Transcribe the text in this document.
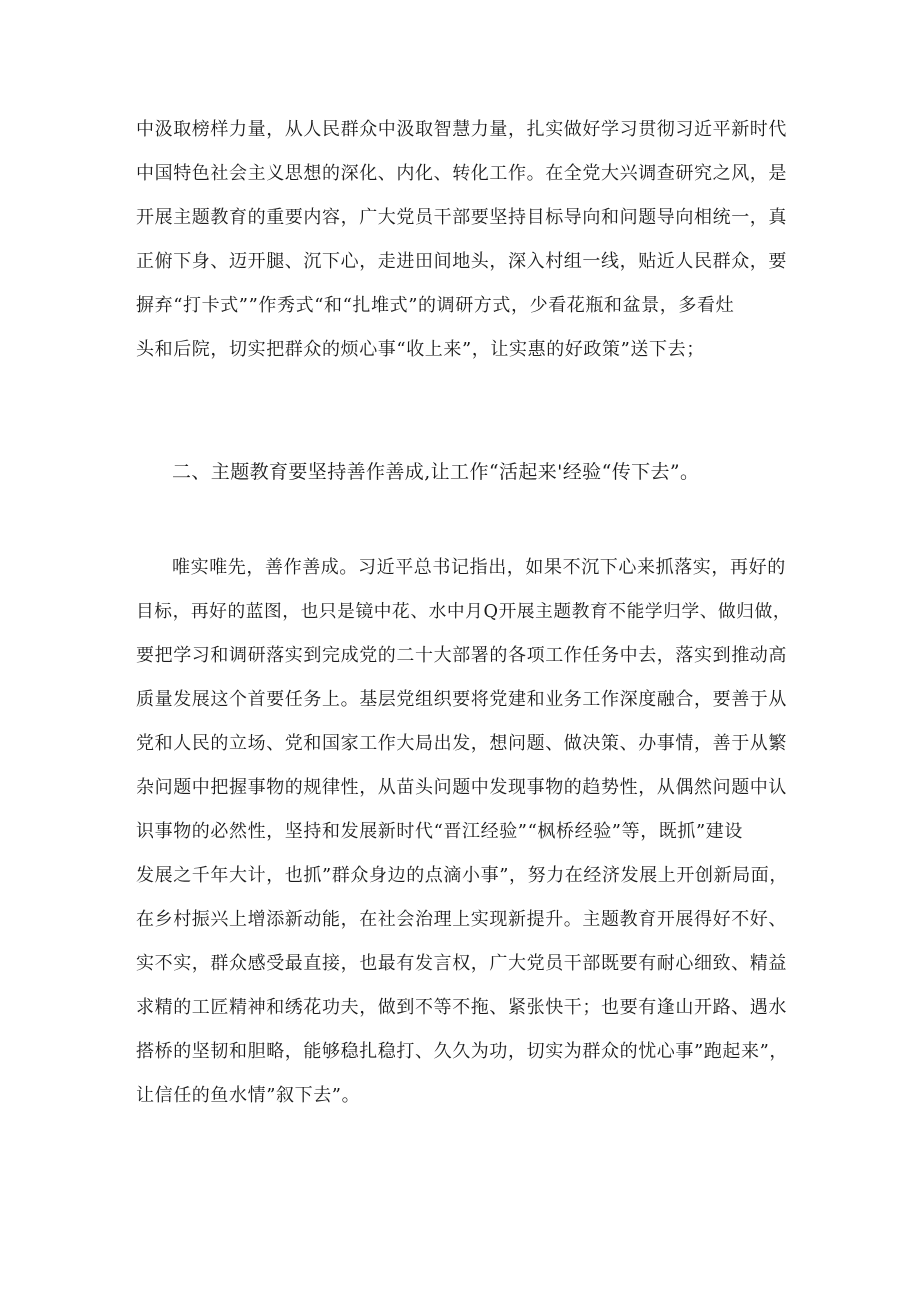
中汲取榜样力量，从人民群众中汲取智慧力量，扎实做好学习贯彻习近平新时代

中国特色社会主义思想的深化、内化、转化工作。在全党大兴调查研究之风，是

开展主题教育的重要内容，广大党员干部要坚持目标导向和问题导向相统一，真

正俯下身、迈开腿、沉下心，走进田间地头，深入村组一线，贴近人民群众，要

摒弃“打卡式””作秀式“和“扎堆式”的调研方式，少看花瓶和盆景，多看灶

头和后院，切实把群众的烦心事“收上来”，让实惠的好政策”送下去；

二、主题教育要坚持善作善成,让工作“活起来'经验“传下去”。

唯实唯先，善作善成。习近平总书记指出，如果不沉下心来抓落实，再好的

目标，再好的蓝图，也只是镜中花、水中月Q开展主题教育不能学归学、做归做，

要把学习和调研落实到完成党的二十大部署的各项工作任务中去，落实到推动高

质量发展这个首要任务上。基层党组织要将党建和业务工作深度融合，要善于从

党和人民的立场、党和国家工作大局出发，想问题、做决策、办事情，善于从繁

杂问题中把握事物的规律性，从苗头问题中发现事物的趋势性，从偶然问题中认

识事物的必然性，坚持和发展新时代“晋江经验”“枫桥经验”等，既抓”建设

发展之千年大计，也抓”群众身边的点滴小事”，努力在经济发展上开创新局面，

在乡村振兴上增添新动能，在社会治理上实现新提升。主题教育开展得好不好、

实不实，群众感受最直接，也最有发言权，广大党员干部既要有耐心细致、精益

求精的工匠精神和绣花功夫，做到不等不拖、紧张快干；也要有逢山开路、遇水

搭桥的坚韧和胆略，能够稳扎稳打、久久为功，切实为群众的忧心事”跑起来”，

让信任的鱼水情”叙下去”。
